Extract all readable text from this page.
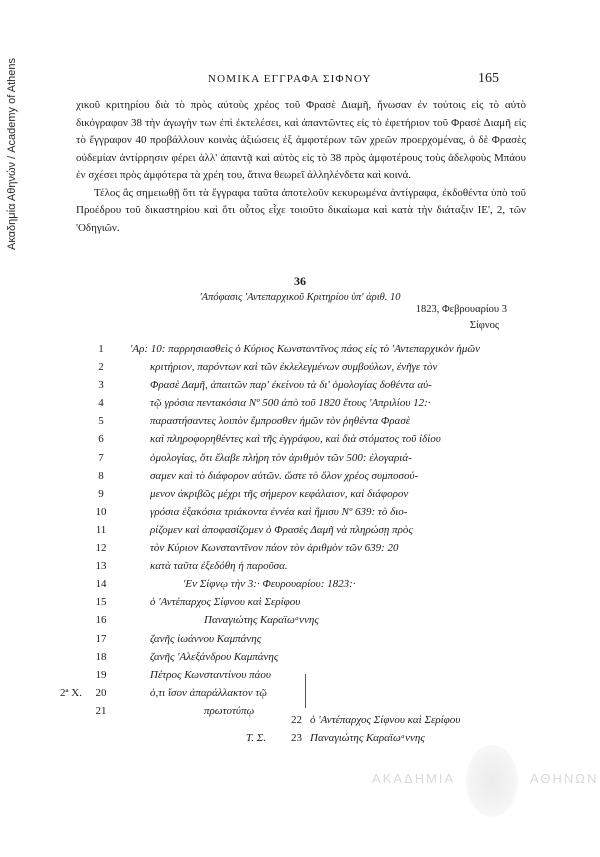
Ακαδημία Αθηνών / Academy of Athens	ΝΟΜΙΚΑ ΕΓΓΡΑΦΑ ΣΙΦΝΟΥ	165

χικοῦ κριτηρίου διὰ τὸ πρὸς αὐτοὺς χρέος τοῦ Φρασὲ Διαμῆ, ἤνωσαν ἐν τούτοις εἰς τὸ αὐτὸ δικόγραφον 38 τὴν ἀγωγὴν των ἐπὶ ἐκτελέσει, καὶ ἀπαντῶντες εἰς τὸ ἐφετήριον τοῦ Φρασὲ Διαμῆ εἰς τὸ ἔγγραφον 40 προβάλλουν κοινὰς ἀξιώσεις ἐξ ἀμφοτέρων τῶν χρεῶν προερχομένας, ὁ δὲ Φρασὲς οὐδεμίαν ἀντίρρησιν φέρει ἀλλ' ἀπαντᾷ καὶ αὐτὸς εἰς τὸ 38 πρὸς ἀμφοτέρους τοὺς ἀδελφοὺς Μπάου ἐν σχέσει πρὸς ἀμφότερα τὰ χρέη του, ἅτινα θεωρεῖ ἀλληλένδετα καὶ κοινά.

Τέλος ἂς σημειωθῇ ὅτι τὰ ἔγγραφα ταῦτα ἀποτελοῦν κεκυρωμένα ἀντίγραφα, ἐκδοθέντα ὑπὸ τοῦ Προέδρου τοῦ δικαστηρίου καὶ ὅτι οὗτος εἶχε τοιοῦτο δικαίωμα καὶ κατὰ τὴν διάταξιν ΙΕ', 2, τῶν 'Οδηγιῶν.

36
'Απόφασις 'Αντεπαρχικοῦ Κριτηρίου ὑπ' ἀριθ. 10
1823, Φεβρουαρίου 3
Σίφνος
1	'Αρ: 10: παρρησιασθεὶς ὁ Κύριος Κωνσταντῖνος πάος εἰς τὸ 'Αντεπαρχικὸν ἡμῶν
2	κριτήριον, παρόντων καὶ τῶν ἐκλελεγμένων συμβούλων, ἐνῆγε τὸν
3	Φρασὲ Δαμῆ, ἀπαιτῶν παρ' ἐκείνου τὰ δι' ὁμολογίας δοθέντα αὐ-
4	τῷ γρόσια πεντακόσια Νº 500 ἀπὸ τοῦ 1820 ἔτους 'Απριλίου 12:·
5	παραστήσαντες λοιπὸν ἔμπροσθεν ἡμῶν τὸν ῥηθέντα Φρασὲ
6	καὶ πληροφορηθέντες καὶ τῆς ἐγγράφου, καὶ διὰ στόματος τοῦ ἰδίου
7	ὁμολογίας, ὅτι ἔλαβε πλήρη τὸν ἀριθμὸν τῶν 500: ἐλογαριά-
8	σαμεν καὶ τὸ διάφορον αὐτῶν. ὥστε τὸ ὅλον χρέος συμποσού-
9	μενον ἀκριβῶς μέχρι τῆς σήμερον κεφάλαιον, καὶ διάφορον
10	γρόσια ἑξακόσια τριάκοντα ἐννέα καὶ ἥμισυ Nº 639: τὸ διο-
11	ρίζομεν καὶ ἀποφασίζομεν ὁ Φρασὲς Δαμῆ νὰ πληρώσῃ πρὸς
12	τὸν Κύριον Κωνσταντῖνον πάον τὸν ἀριθμὸν τῶν 639: 20
13	κατὰ ταῦτα ἐξεδόθη ἡ παροῦσα.
14	'Εν Σίφνῳ τὴν 3:· Φευρουαρίου: 1823:·
15	ὁ 'Αντέπαρχος Σίφνου καὶ Σερίφου
16	Παναγιώτης Καραϊωᵃννης
17	ζανῆς ἰωάννου Καμπάνης
18	ζανῆς 'Αλεξάνδρου Καμπάνης
19	Πέτρος Κωνσταντίνου πάου
2ª Χ.	20	ὁ,τι ἴσον ἀπαράλλακτον τῷ
21	πρωτοτύπῳ
22 ὁ 'Αντέπαρχος Σίφνου καὶ Σερίφου
Τ. Σ.	23 Παναγιώτης Καραϊωᵃννης
ΑΚΑΔΗΜΙΑ	ΑΘΗΝΩΝ
